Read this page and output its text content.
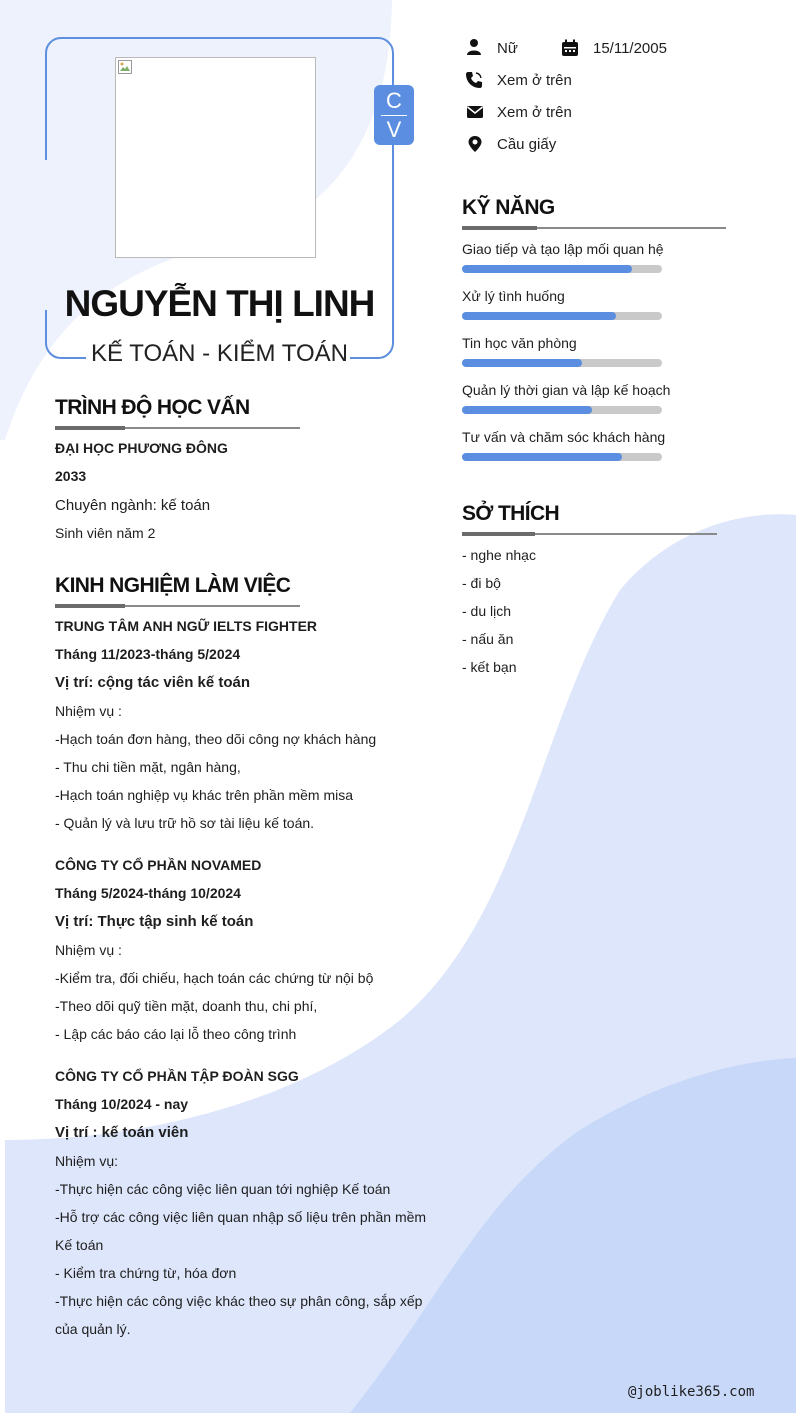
C
V
NGUYỄN THỊ LINH
KẾ TOÁN - KIỂM TOÁN
Nữ	15/11/2005
Xem ở trên
Xem ở trên
Cầu giấy
KỸ NĂNG
Giao tiếp và tạo lập mối quan hệ
Xử lý tình huống
Tin học văn phòng
Quản lý thời gian và lập kế hoạch
Tư vấn và chăm sóc khách hàng
SỞ THÍCH
- nghe nhạc
- đi bộ
- du lịch
- nấu ăn
- kết bạn
TRÌNH ĐỘ HỌC VẤN
ĐẠI HỌC PHƯƠNG ĐÔNG
2033
Chuyên ngành: kế toán
Sinh viên năm 2
KINH NGHIỆM LÀM VIỆC
TRUNG TÂM ANH NGỮ IELTS FIGHTER
Tháng 11/2023-tháng 5/2024
Vị trí: cộng tác viên kế toán
Nhiệm vụ :
-Hạch toán đơn hàng, theo dõi công nợ khách hàng
- Thu chi tiền mặt, ngân hàng,
-Hạch toán nghiệp vụ khác trên phần mềm misa
- Quản lý và lưu trữ hồ sơ tài liệu kế toán.
CÔNG TY CỔ PHẦN NOVAMED
Tháng 5/2024-tháng 10/2024
Vị trí: Thực tập sinh kế toán
Nhiệm vụ :
-Kiểm tra, đối chiếu, hạch toán các chứng từ nội bộ
-Theo dõi quỹ tiền mặt, doanh thu, chi phí,
- Lập các báo cáo lại lỗ theo công trình
CÔNG TY CỔ PHẦN TẬP ĐOÀN SGG
Tháng 10/2024 - nay
Vị trí : kế toán viên
Nhiệm vụ:
-Thực hiện các công việc liên quan tới nghiệp Kế toán
-Hỗ trợ các công việc liên quan nhập số liệu trên phần mềm
Kế toán
- Kiểm tra chứng từ, hóa đơn
-Thực hiện các công việc khác theo sự phân công, sắp xếp
của quản lý.
@joblike365.com
